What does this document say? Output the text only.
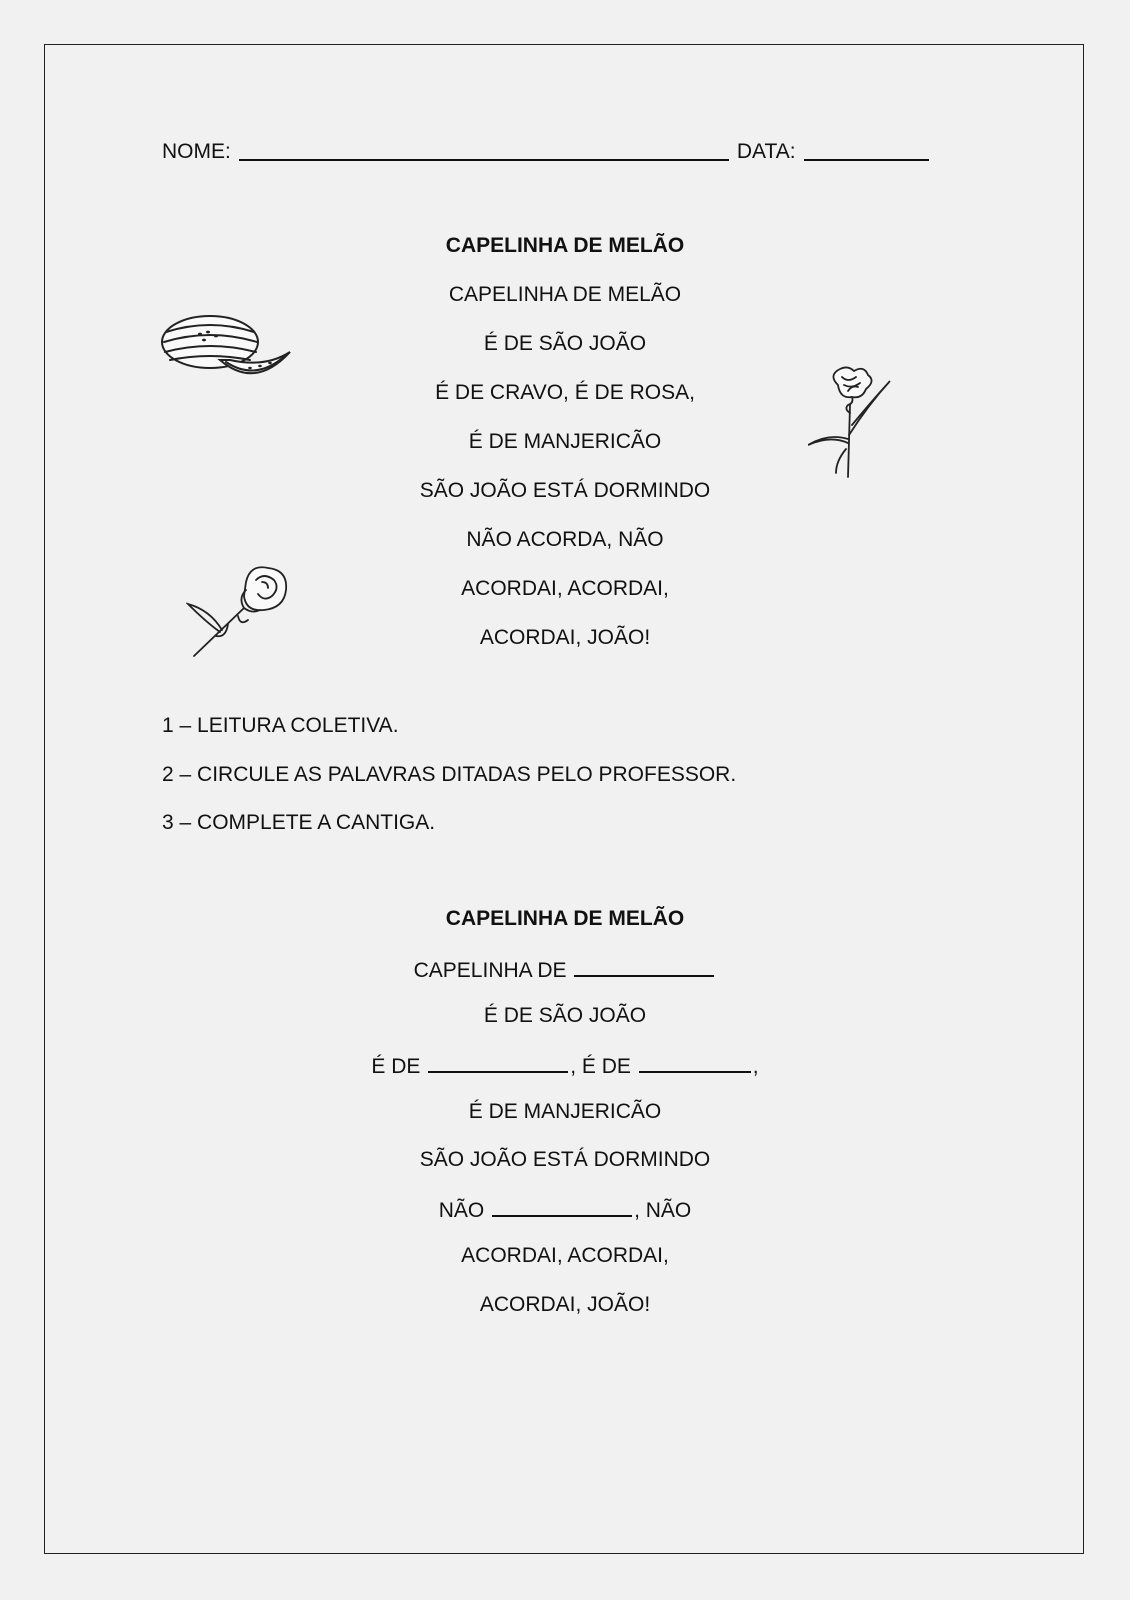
NOME:	DATA:
CAPELINHA DE MELÃO
CAPELINHA DE MELÃO
É DE SÃO JOÃO
É DE CRAVO, É DE ROSA,
É DE MANJERICÃO
SÃO JOÃO ESTÁ DORMINDO
NÃO ACORDA, NÃO
ACORDAI, ACORDAI,
ACORDAI, JOÃO!
1 – LEITURA COLETIVA.
2 – CIRCULE AS PALAVRAS DITADAS PELO PROFESSOR.
3 – COMPLETE A CANTIGA.
CAPELINHA DE MELÃO
CAPELINHA DE
É DE SÃO JOÃO
É DE	, É DE	,
É DE MANJERICÃO
SÃO JOÃO ESTÁ DORMINDO
NÃO	, NÃO
ACORDAI, ACORDAI,
ACORDAI, JOÃO!
